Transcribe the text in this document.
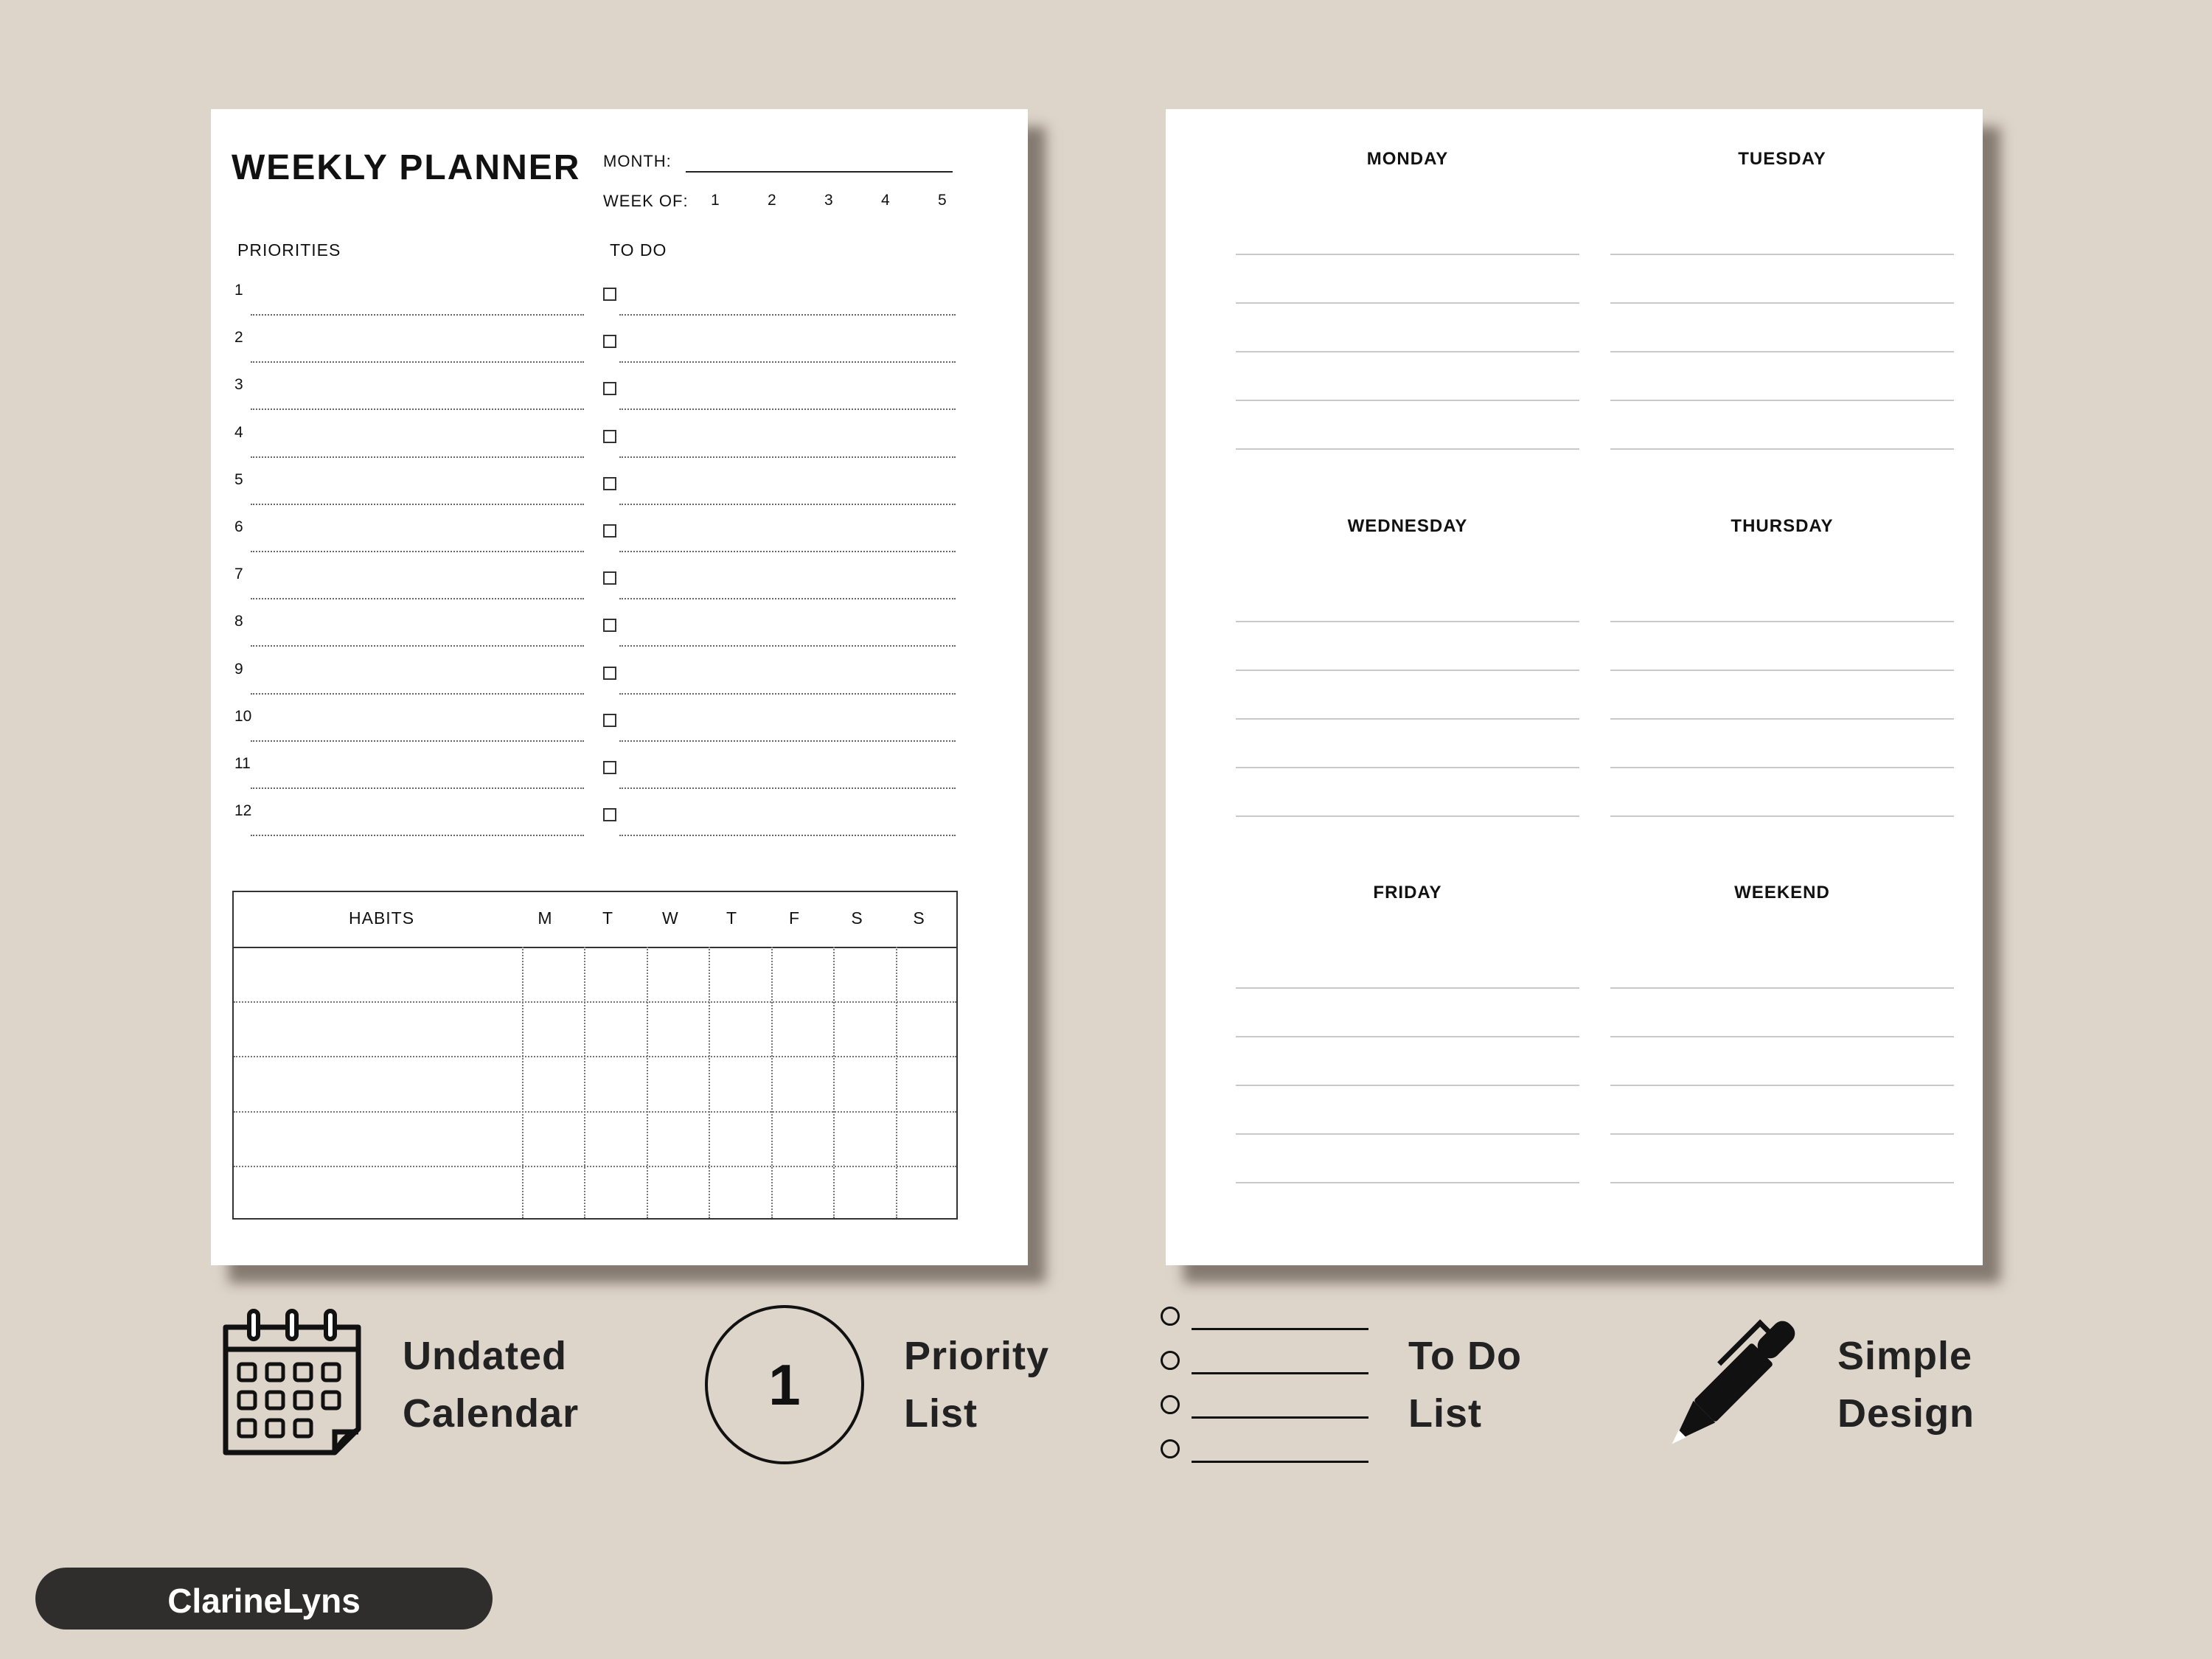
WEEKLY PLANNER MONTH:
WEEK OF: 1	2	3	4	5
PRIORITIES	TO DO
1
2
3
4
5
6
7
8
9
10
11
12
HABITS	M	T	W	T	F	S	S
MONDAY	TUESDAY
WEDNESDAY	THURSDAY
FRIDAY	WEEKEND
Undated
Calendar	1	Priority
List
To Do
List
Simple
Design
ClarineLyns
